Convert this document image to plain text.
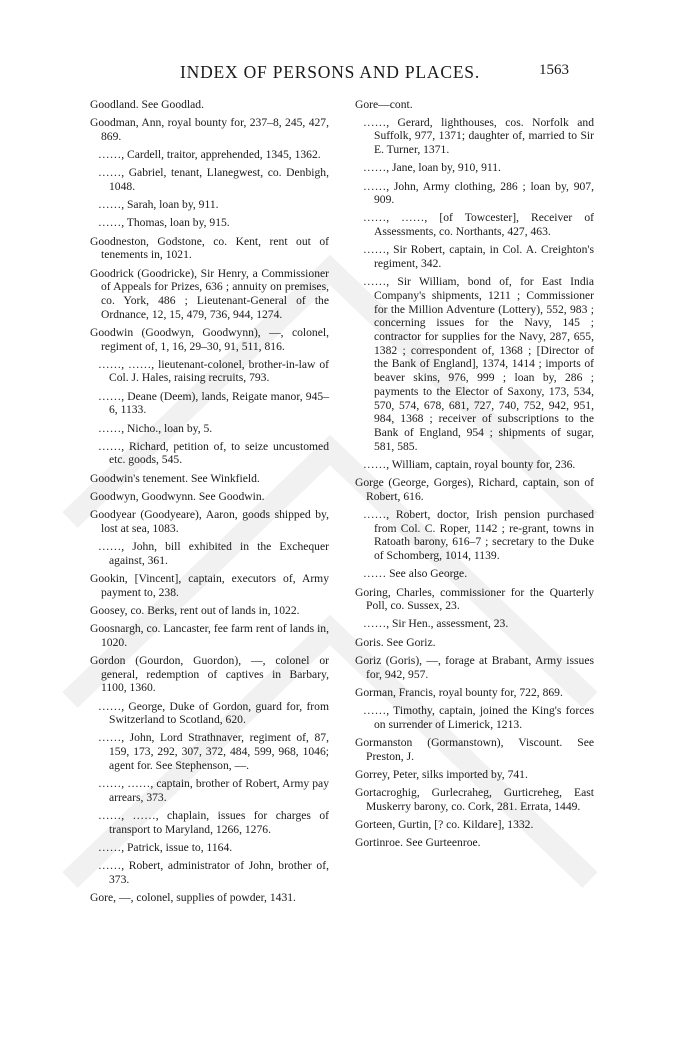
INDEX OF PERSONS AND PLACES.	1563
Goodland. See Goodlad.
Goodman, Ann, royal bounty for, 237–8, 245, 427, 869.
……, Cardell, traitor, apprehended, 1345, 1362.
……, Gabriel, tenant, Llanegwest, co. Denbigh, 1048.
……, Sarah, loan by, 911.
……, Thomas, loan by, 915.
Goodneston, Godstone, co. Kent, rent out of tenements in, 1021.
Goodrick (Goodricke), Sir Henry, a Commissioner of Appeals for Prizes, 636 ; annuity on premises, co. York, 486 ; Lieutenant-General of the Ordnance, 12, 15, 479, 736, 944, 1274.
Goodwin (Goodwyn, Goodwynn), —, colonel, regiment of, 1, 16, 29–30, 91, 511, 816.
……, ……, lieutenant-colonel, brother-in-law of Col. J. Hales, raising recruits, 793.
……, Deane (Deem), lands, Reigate manor, 945–6, 1133.
……, Nicho., loan by, 5.
……, Richard, petition of, to seize uncustomed etc. goods, 545.
Goodwin's tenement. See Winkfield.
Goodwyn, Goodwynn. See Goodwin.
Goodyear (Goodyeare), Aaron, goods shipped by, lost at sea, 1083.
……, John, bill exhibited in the Exchequer against, 361.
Gookin, [Vincent], captain, executors of, Army payment to, 238.
Goosey, co. Berks, rent out of lands in, 1022.
Goosnargh, co. Lancaster, fee farm rent of lands in, 1020.
Gordon (Gourdon, Guordon), —, colonel or general, redemption of captives in Barbary, 1100, 1360.
……, George, Duke of Gordon, guard for, from Switzerland to Scotland, 620.
……, John, Lord Strathnaver, regiment of, 87, 159, 173, 292, 307, 372, 484, 599, 968, 1046; agent for. See Stephenson, —.
……, ……, captain, brother of Robert, Army pay arrears, 373.
……, ……, chaplain, issues for charges of transport to Maryland, 1266, 1276.
……, Patrick, issue to, 1164.
……, Robert, administrator of John, brother of, 373.
Gore, —, colonel, supplies of powder, 1431.
Gore—cont.
……, Gerard, lighthouses, cos. Norfolk and Suffolk, 977, 1371; daughter of, married to Sir E. Turner, 1371.
……, Jane, loan by, 910, 911.
……, John, Army clothing, 286 ; loan by, 907, 909.
……, ……, [of Towcester], Receiver of Assessments, co. Northants, 427, 463.
……, Sir Robert, captain, in Col. A. Creighton's regiment, 342.
……, Sir William, bond of, for East India Company's shipments, 1211 ; Commissioner for the Million Adventure (Lottery), 552, 983 ; concerning issues for the Navy, 145 ; contractor for supplies for the Navy, 287, 655, 1382 ; correspondent of, 1368 ; [Director of the Bank of England], 1374, 1414 ; imports of beaver skins, 976, 999 ; loan by, 286 ; payments to the Elector of Saxony, 173, 534, 570, 574, 678, 681, 727, 740, 752, 942, 951, 984, 1368 ; receiver of subscriptions to the Bank of England, 954 ; shipments of sugar, 581, 585.
……, William, captain, royal bounty for, 236.
Gorge (George, Gorges), Richard, captain, son of Robert, 616.
……, Robert, doctor, Irish pension purchased from Col. C. Roper, 1142 ; re-grant, towns in Ratoath barony, 616–7 ; secretary to the Duke of Schomberg, 1014, 1139.
…… See also George.
Goring, Charles, commissioner for the Quarterly Poll, co. Sussex, 23.
……, Sir Hen., assessment, 23.
Goris. See Goriz.
Goriz (Goris), —, forage at Brabant, Army issues for, 942, 957.
Gorman, Francis, royal bounty for, 722, 869.
……, Timothy, captain, joined the King's forces on surrender of Limerick, 1213.
Gormanston (Gormanstown), Viscount. See Preston, J.
Gorrey, Peter, silks imported by, 741.
Gortacroghig, Gurlecraheg, Gurticreheg, East Muskerry barony, co. Cork, 281. Errata, 1449.
Gorteen, Gurtin, [? co. Kildare], 1332.
Gortinroe. See Gurteenroe.
